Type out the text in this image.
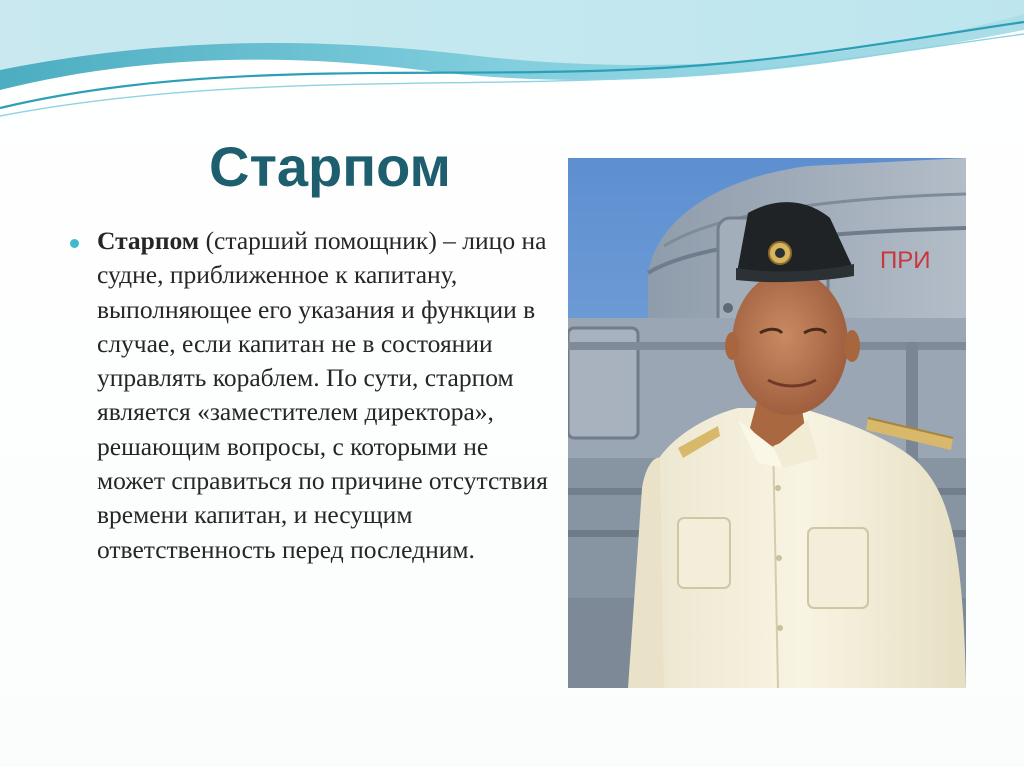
Старпом
Старпом (старший помощник) – лицо на судне, приближенное к капитану, выполняющее его указания и функции в случае, если капитан не в состоянии управлять кораблем. По сути, старпом является «заместителем директора», решающим вопросы, с которыми не может справиться по причине отсутствия времени капитан, и несущим ответственность перед последним.
ПРИ
